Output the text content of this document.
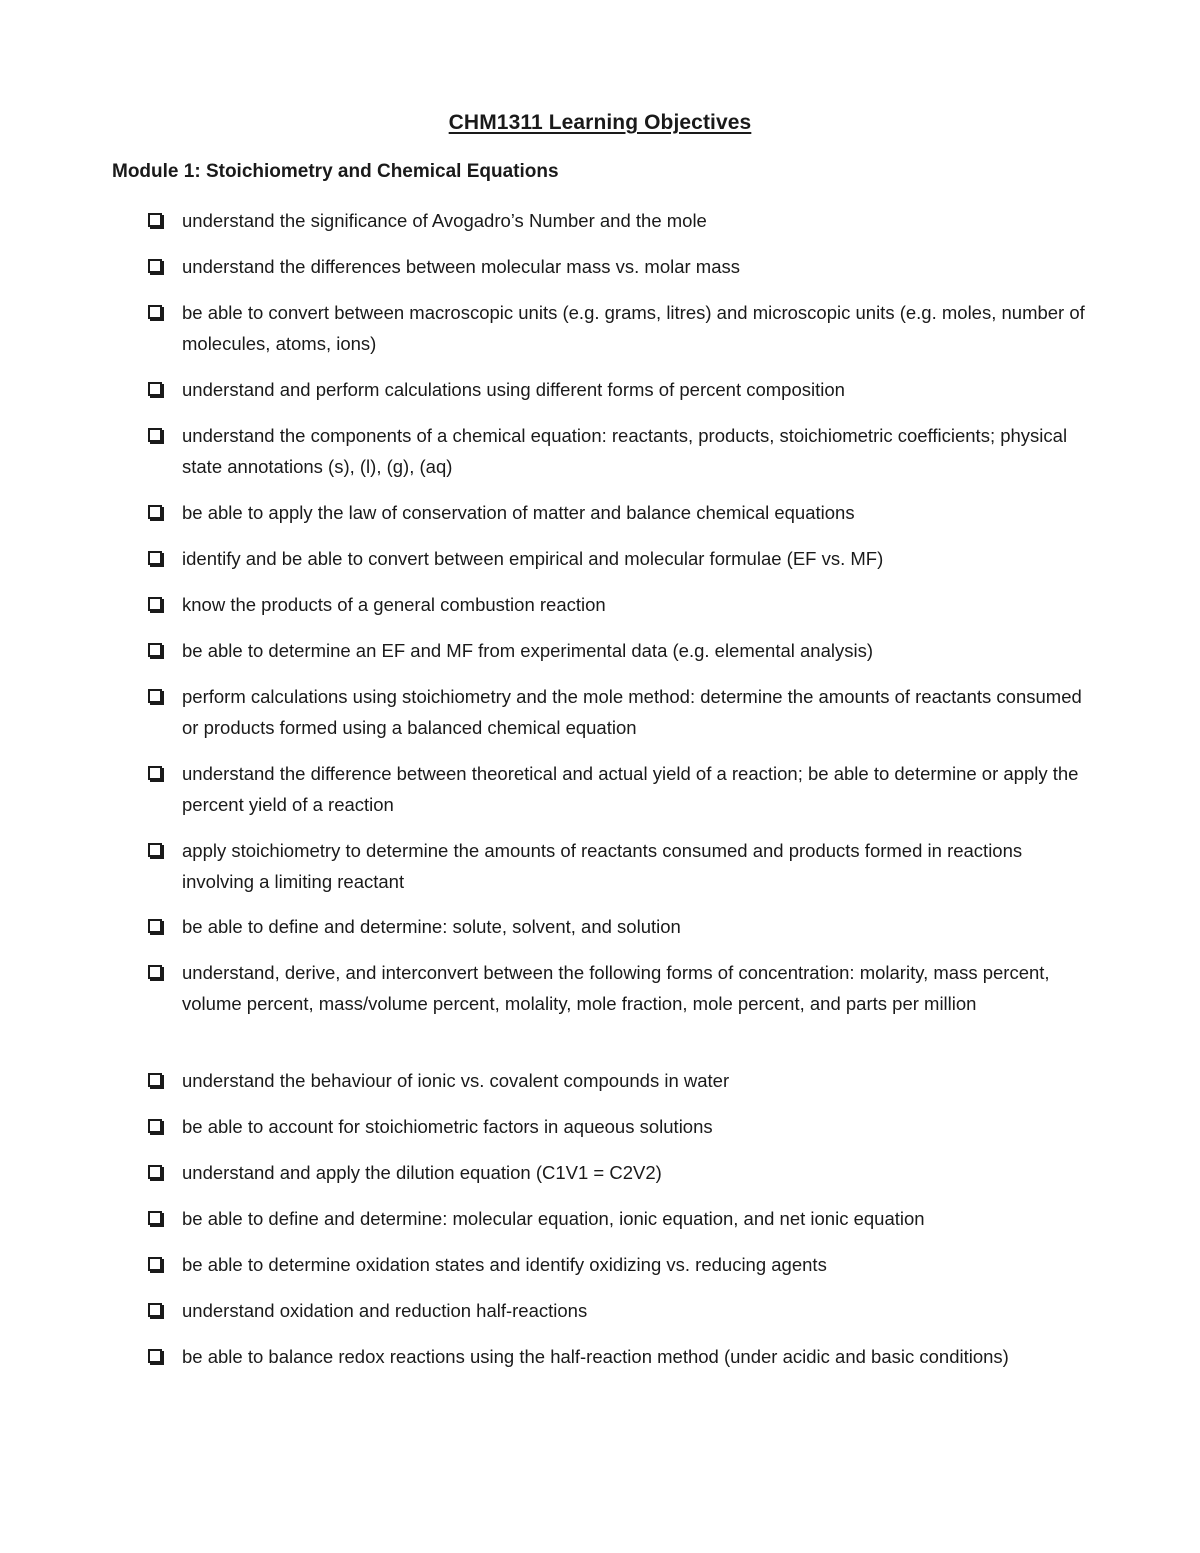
CHM1311 Learning Objectives
Module 1: Stoichiometry and Chemical Equations
understand the significance of Avogadro’s Number and the mole
understand the differences between molecular mass vs. molar mass
be able to convert between macroscopic units (e.g. grams, litres) and microscopic units (e.g. moles, number of molecules, atoms, ions)
understand and perform calculations using different forms of percent composition
understand the components of a chemical equation: reactants, products, stoichiometric coefficients; physical state annotations (s), (l), (g), (aq)
be able to apply the law of conservation of matter and balance chemical equations
identify and be able to convert between empirical and molecular formulae (EF vs. MF)
know the products of a general combustion reaction
be able to determine an EF and MF from experimental data (e.g. elemental analysis)
perform calculations using stoichiometry and the mole method: determine the amounts of reactants consumed or products formed using a balanced chemical equation
understand the difference between theoretical and actual yield of a reaction; be able to determine or apply the percent yield of a reaction
apply stoichiometry to determine the amounts of reactants consumed and products formed in reactions involving a limiting reactant
be able to define and determine: solute, solvent, and solution
understand, derive, and interconvert between the following forms of concentration: molarity, mass percent, volume percent, mass/volume percent, molality, mole fraction, mole percent, and parts per million
understand the behaviour of ionic vs. covalent compounds in water
be able to account for stoichiometric factors in aqueous solutions
understand and apply the dilution equation (C1V1 = C2V2)
be able to define and determine: molecular equation, ionic equation, and net ionic equation
be able to determine oxidation states and identify oxidizing vs. reducing agents
understand oxidation and reduction half-reactions
be able to balance redox reactions using the half-reaction method (under acidic and basic conditions)
